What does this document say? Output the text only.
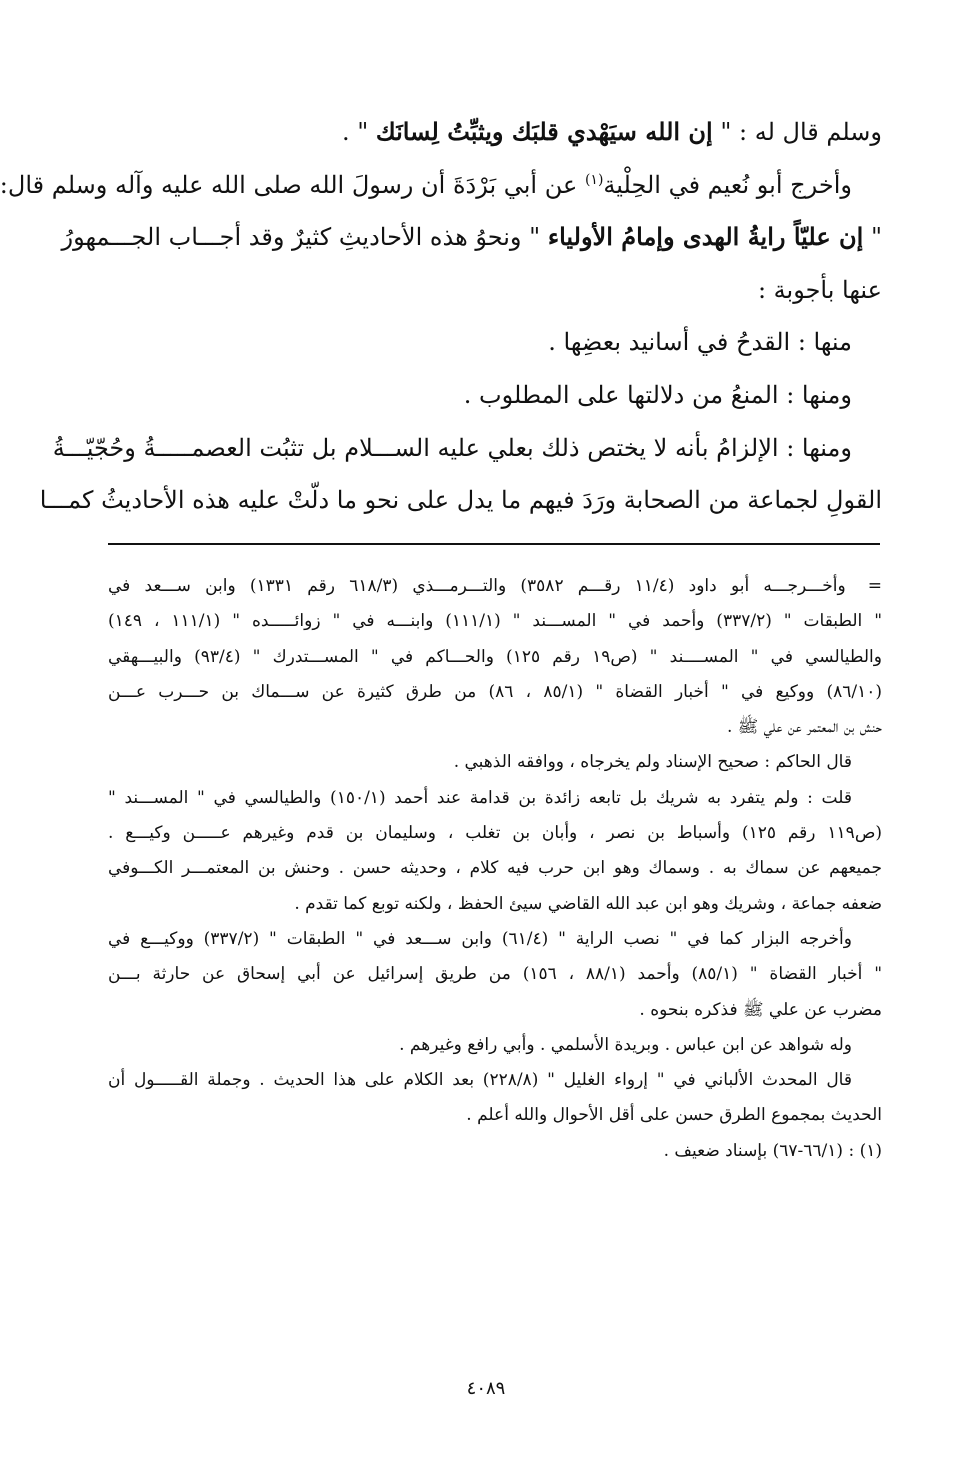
وسلم قال له : " إن الله سيَهْدي قلبَك ويثبِّتُ لِسانَك " .
وأخرج أبو نُعيم في الحِلْية$^{(١)}$ عن أبي بَرْدَةَ أن رسولَ الله صلى الله عليه وآله وسلم قال:
" إن عليّاً رايةُ الهدى وإمامُ الأولياء " ونحوُ هذه الأحاديثِ كثيرٌ وقد أجـــاب الجـــمهورُ
عنها بأجوبة :
منها : القدحُ في أسانيد بعضِها .
ومنها : المنعُ من دلالتها على المطلوب .
ومنها : الإلزامُ بأنه لا يختص ذلك بعلي عليه الســـلام بل تثبُت العصمـــــةُ وحُجّيّـــةُ
القولِ لجماعة من الصحابة ورَدَ فيهم ما يدل على نحو ما دلّتْ عليه هذه الأحاديثُ كمـــا
= وأخـــرجـــه أبو داود (١١/٤ رقـــم ٣٥٨٢) والتـــرمـــذي (٦١٨/٣ رقم ١٣٣١) وابن ســـعد في
" الطبقات " (٣٣٧/٢) وأحمد في " المســـند " (١١١/١) وابنـــه في " زوائـــــده " (١١١/١ ، ١٤٩)
والطيالسي في " المســــند " (ص١٩ رقم ١٢٥) والحـــاكم في " المســـتدرك " (٩٣/٤) والبيـــهقي
(٨٦/١٠) ووكيع في " أخبار القضاة " (٨٥/١ ، ٨٦) من طرق كثيرة عن ســـماك بن حـــرب عـــن
حنش بن المعتمر عن علي ﷺ .
قال الحاكم : صحيح الإسناد ولم يخرجاه ، ووافقه الذهبي .
قلت : ولم يتفرد به شريك بل تابعه زائدة بن قدامة عند أحمد (١٥٠/١) والطيالسي في " المســـند "
(ص١١٩ رقم ١٢٥) وأسباط بن نصر ، وأبان بن تغلب ، وسليمان بن قدم وغيرهم عـــــن وكيـــع .
جميعهم عن سماك به . وسماك وهو ابن حرب فيه كلام ، وحديثه حسن . وحنش بن المعتمـــر الكـــوفي
ضعفه جماعة ، وشريك وهو ابن عبد الله القاضي سيئ الحفظ ، ولكنه توبع كما تقدم .
وأخرجه البزار كما في " نصب الراية " (٦١/٤) وابن ســـعد في " الطبقات " (٣٣٧/٢) ووكيـــع في
" أخبار القضاة " (٨٥/١) وأحمد (٨٨/١ ، ١٥٦) من طريق إسرائيل عن أبي إسحاق عن حارثة بـــن
مضرب عن علي ﷺ فذكره بنحوه .
وله شواهد عن ابن عباس . وبريدة الأسلمي . وأبي رافع وغيرهم .
قال المحدث الألباني في " إرواء الغليل " (٢٢٨/٨) بعد الكلام على هذا الحديث . وجملة القـــــول أن
الحديث بمجموع الطرق حسن على أقل الأحوال والله أعلم .
(١) : (٦٦/١-٦٧) بإسناد ضعيف .
٤٠٨٩
